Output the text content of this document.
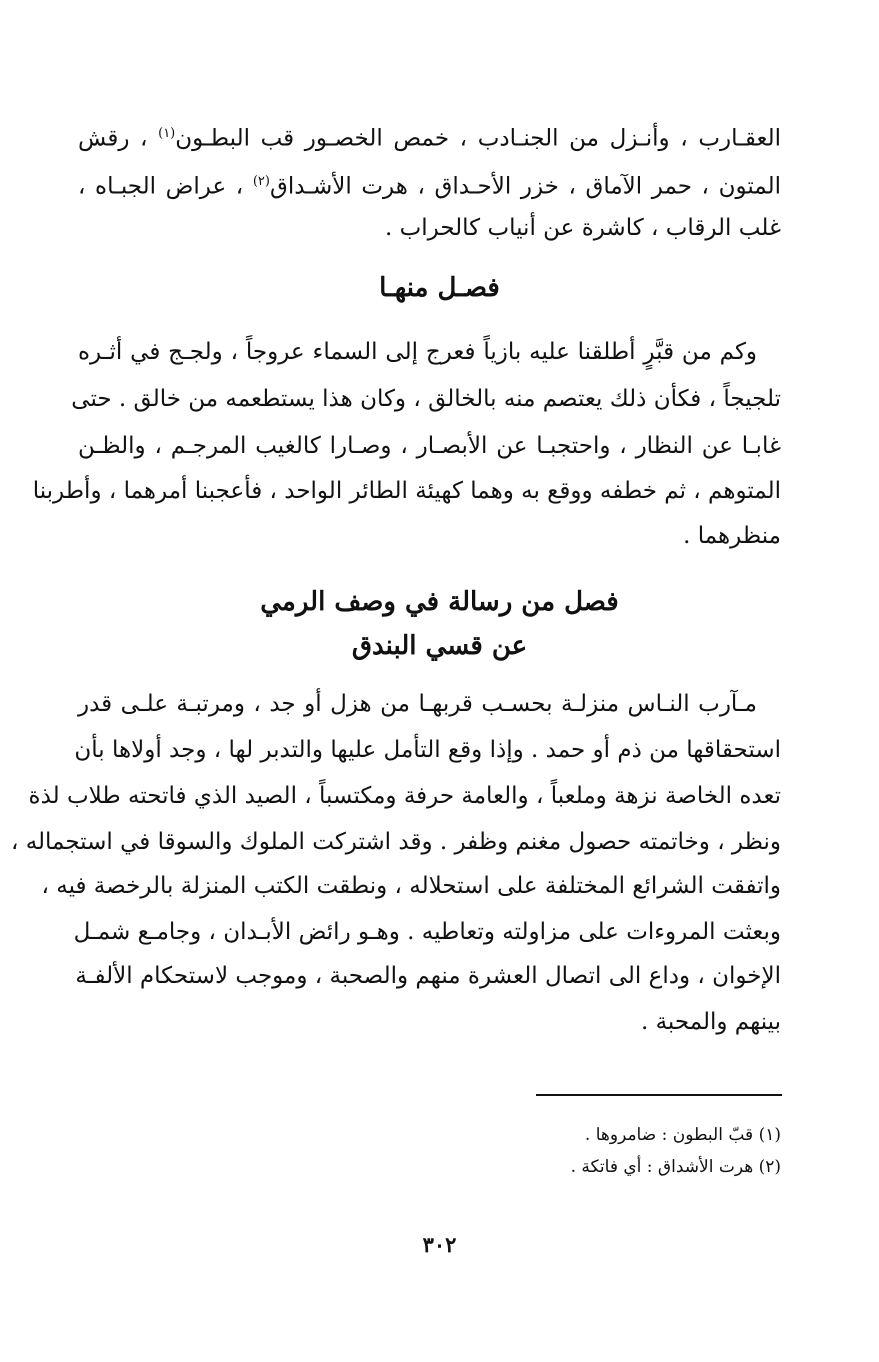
العقـارب ، وأنـزل من الجنـادب ، خمص الخصـور قب البطـون$^{(١)}$ ، رقش
المتون ، حمر الآماق ، خزر الأحـداق ، هرت الأشـداق$^{(٢)}$ ، عراض الجبـاه ،
غلب الرقاب ، كاشرة عن أنياب كالحراب .
فصـل منهـا
وكم من قبَّرٍ أطلقنا عليه بازياً فعرج إلى السماء عروجاً ، ولجـج في أثـره
تلجيجاً ، فكأن ذلك يعتصم منه بالخالق ، وكان هذا يستطعمه من خالق . حتى
غابـا عن النظار ، واحتجبـا عن الأبصـار ، وصـارا كالغيب المرجـم ، والظـن
المتوهم ، ثم خطفه ووقع به وهما كهيئة الطائر الواحد ، فأعجبنا أمرهما ، وأطربنا
منظرهما .
فصل من رسالة في وصف الرمي
عن قسي البندق
مـآرب النـاس منزلـة بحسـب قربهـا من هزل أو جد ، ومرتبـة علـى قدر
استحقاقها من ذم أو حمد . وإذا وقع التأمل عليها والتدبر لها ، وجد أولاها بأن
تعده الخاصة نزهة وملعباً ، والعامة حرفة ومكتسباً ، الصيد الذي فاتحته طلاب لذة
ونظر ، وخاتمته حصول مغنم وظفر . وقد اشتركت الملوك والسوقا في استجماله ،
واتفقت الشرائع المختلفة على استحلاله ، ونطقت الكتب المنزلة بالرخصة فيه ،
وبعثت المروءات على مزاولته وتعاطيه . وهـو رائض الأبـدان ، وجامـع شمـل
الإخوان ، وداع الى اتصال العشرة منهم والصحبة ، وموجب لاستحكام الألفـة
بينهم والمحبة .
(١) قبّ البطون : ضامروها .
(٢) هرت الأشداق : أي فاتكة .
٣٠٢
